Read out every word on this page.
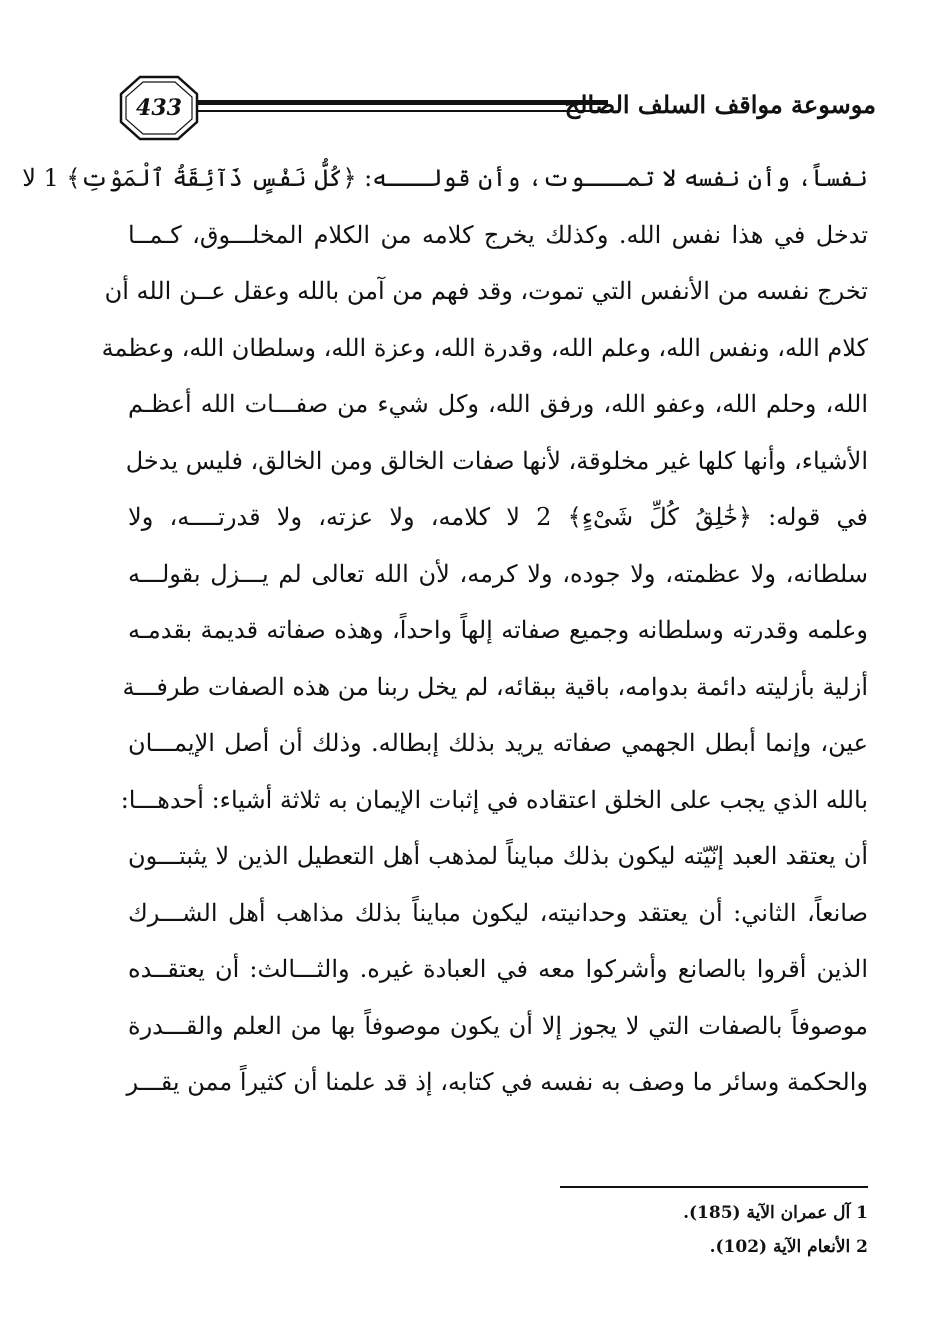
433	موسوعة مواقف السلف الصالح
نفساً، وأن نفسه لا تمـــوت، وأن قولـــه: ﴿كُلُّ نَفْسٍ ذَآئِقَةُ ٱلْمَوْتِ﴾ 1 لا
تدخل في هذا نفس الله. وكذلك يخرج كلامه من الكلام المخلـــوق، كـمــا
تخرج نفسه من الأنفس التي تموت، وقد فهم من آمن بالله وعقل عــن الله أن
كلام الله، ونفس الله، وعلم الله، وقدرة الله، وعزة الله، وسلطان الله، وعظمة
الله، وحلم الله، وعفو الله، ورفق الله، وكل شيء من صفـــات الله أعظـم
الأشياء، وأنها كلها غير مخلوقة، لأنها صفات الخالق ومن الخالق، فليس يدخل
في قوله: ﴿خَٰلِقُ كُلِّ شَىْءٍ﴾ 2 لا كلامه، ولا عزته، ولا قدرتــــه، ولا
سلطانه، ولا عظمته، ولا جوده، ولا كرمه، لأن الله تعالى لم يـــزل بقولـــه
وعلمه وقدرته وسلطانه وجميع صفاته إلهاً واحداً، وهذه صفاته قديمة بقدمـه
أزلية بأزليته دائمة بدوامه، باقية ببقائه، لم يخل ربنا من هذه الصفات طرفـــة
عين، وإنما أبطل الجهمي صفاته يريد بذلك إبطاله. وذلك أن أصل الإيمـــان
بالله الذي يجب على الخلق اعتقاده في إثبات الإيمان به ثلاثة أشياء: أحدهـــا:
أن يعتقد العبد إنّيّته ليكون بذلك مبايناً لمذهب أهل التعطيل الذين لا يثبتـــون
صانعاً، الثاني: أن يعتقد وحدانيته، ليكون مبايناً بذلك مذاهب أهل الشـــرك
الذين أقروا بالصانع وأشركوا معه في العبادة غيره. والثـــالث: أن يعتقــده
موصوفاً بالصفات التي لا يجوز إلا أن يكون موصوفاً بها من العلم والقـــدرة
والحكمة وسائر ما وصف به نفسه في كتابه، إذ قد علمنا أن كثيراً ممن يقـــر
1 آل عمران الآية (185).
2 الأنعام الآية (102).
